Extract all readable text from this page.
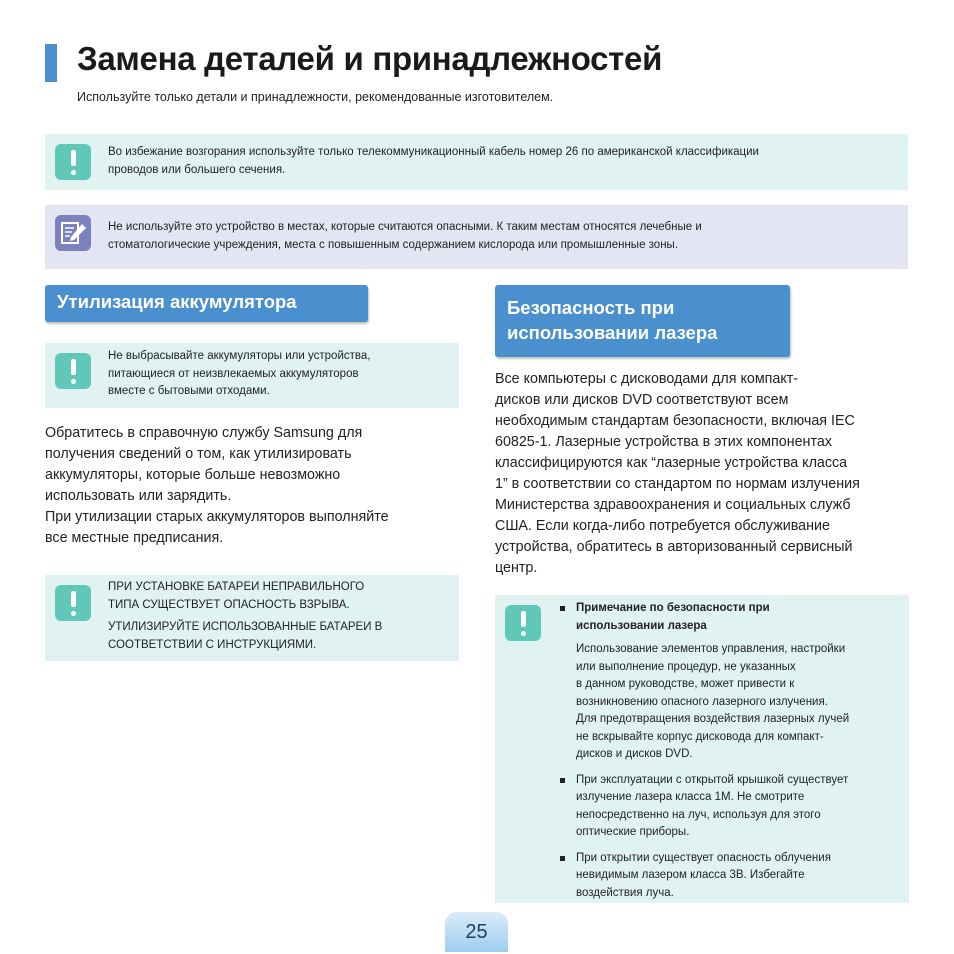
Замена деталей и принадлежностей
Используйте только детали и принадлежности, рекомендованные изготовителем.

Во избежание возгорания используйте только телекоммуникационный кабель номер 26 по американской классификации

проводов или большего сечения.

Не используйте это устройство в местах, которые считаются опасными. К таким местам относятся лечебные и

стоматологические учреждения, места с повышенным содержанием кислорода или промышленные зоны.

Утилизация аккумулятора

Не выбрасывайте аккумуляторы или устройства,

питающиеся от неизвлекаемых аккумуляторов

вместе с бытовыми отходами.

Обратитесь в справочную службу Samsung для

получения сведений о том, как утилизировать

аккумуляторы, которые больше невозможно

использовать или зарядить.

При утилизации старых аккумуляторов выполняйте

все местные предписания.

ПРИ УСТАНОВКЕ БАТАРЕИ НЕПРАВИЛЬНОГО

ТИПА СУЩЕСТВУЕТ ОПАСНОСТЬ ВЗРЫВА.

УТИЛИЗИРУЙТЕ ИСПОЛЬЗОВАННЫЕ БАТАРЕИ В

СООТВЕТСТВИИ С ИНСТРУКЦИЯМИ.

Безопасность при
использовании лазера

Все компьютеры с дисководами для компакт-

дисков или дисков DVD соответствуют всем

необходимым стандартам безопасности, включая IEC

60825-1. Лазерные устройства в этих компонентах

классифицируются как “лазерные устройства класса

1” в соответствии со стандартом по нормам излучения

Министерства здравоохранения и социальных служб

США. Если когда-либо потребуется обслуживание

устройства, обратитесь в авторизованный сервисный

центр.

Примечание по безопасности при
использовании лазера
Использование элементов управления, настройки
или выполнение процедур, не указанных
в данном руководстве, может привести к
возникновению опасного лазерного излучения.
Для предотвращения воздействия лазерных лучей
не вскрывайте корпус дисковода для компакт-
дисков и дисков DVD.
При эксплуатации с открытой крышкой существует
излучение лазера класса 1M. Не смотрите
непосредственно на луч, используя для этого
оптические приборы.
При открытии существует опасность облучения
невидимым лазером класса 3B. Избегайте
воздействия луча.
25
